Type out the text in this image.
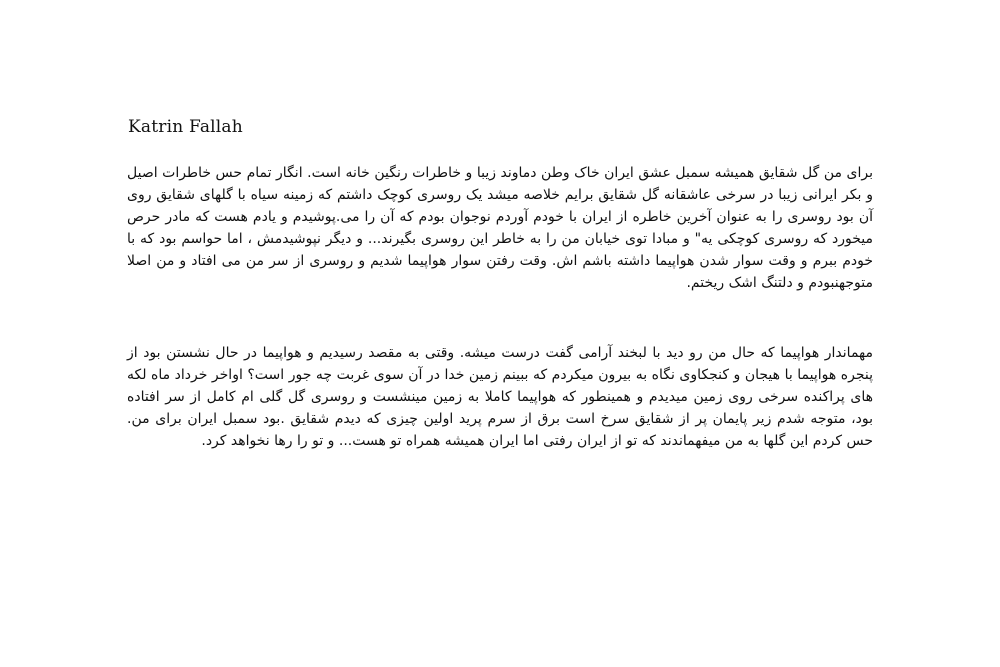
Katrin Fallah

برای من گل شقایق همیشه سمبل عشق ایران خاک وطن دماوند زیبا و خاطرات رنگین خانه است. انگار تمام حس خاطرات اصیل و بکر ایرانی زیبا در سرخی عاشقانه گل شقایق برایم خلاصه میشد یک روسری کوچک داشتم که زمینه سیاه با گلهای شقایق روی آن بود روسری را به عنوان آخرین خاطره از ایران با خودم آوردم نوجوان بودم که آن را می.پوشیدم و یادم هست که مادر حرص میخورد که روسری کوچکی یه" و مبادا توی خیابان من را به خاطر این روسری بگیرند... و دیگر نپوشیدمش ، اما حواسم بود که با خودم ببرم و وقت سوار شدن هواپیما داشته باشم اش. وقت رفتن سوار هواپیما شدیم و روسری از سر من می افتاد و من اصلا متوجهنبودم و دلتنگ اشک ریختم.

مهماندار هواپیما که حال من رو دید با لبخند آرامی گفت درست میشه. وقتی به مقصد رسیدیم و هواپیما در حال نشستن بود از پنجره هواپیما با هیجان و کنجکاوی نگاه به بیرون میکردم که ببینم زمین خدا در آن سوی غربت چه جور است؟ اواخر خرداد ماه لکه های پراکنده سرخی روی زمین میدیدم و همینطور که هواپیما کاملا به زمین مینشست و روسری گل گلی ام کامل از سر افتاده بود، متوجه شدم زیر پایمان پر از شقایق سرخ است برق از سرم پرید اولین چیزی که دیدم شقایق .بود سمبل ایران برای من. حس کردم این گلها به من میفهماندند که تو از ایران رفتی اما ایران همیشه همراه تو هست... و تو را رها نخواهد کرد.
